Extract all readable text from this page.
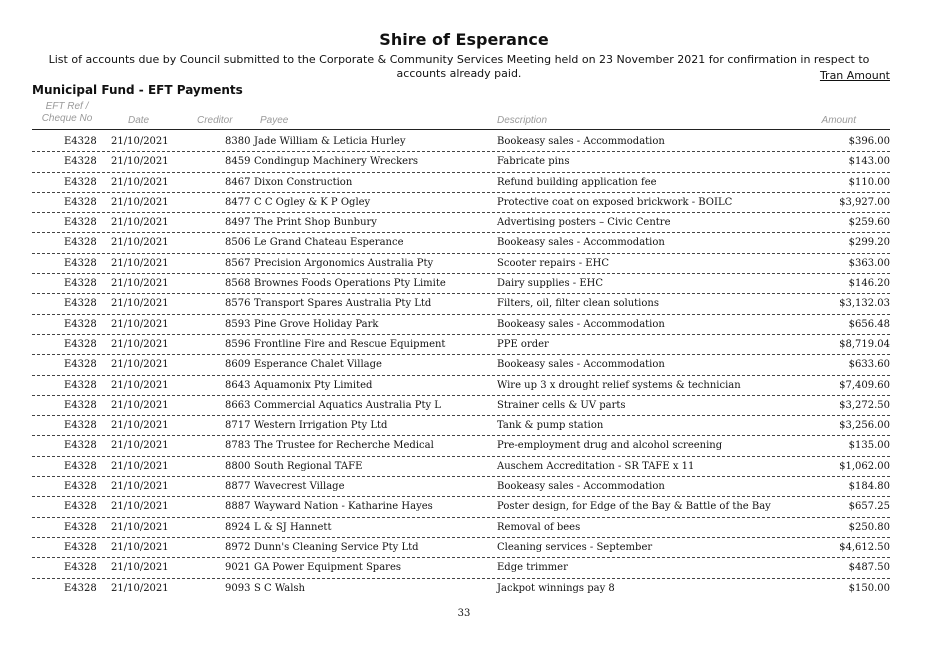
Shire of Esperance
List of accounts due by Council submitted to the Corporate & Community Services Meeting held on 23 November 2021 for confirmation in respect to accounts already paid.	Tran Amount
Municipal Fund - EFT Payments
EFT Ref / Cheque No	Date	Creditor	Payee	Description	Amount
E4328 21/10/2021	8380 Jade William & Leticia Hurley	Bookeasy sales - Accommodation	$396.00
E4328 21/10/2021	8459 Condingup Machinery Wreckers	Fabricate pins	$143.00
E4328 21/10/2021	8467 Dixon Construction	Refund building application fee	$110.00
E4328 21/10/2021	8477 C C Ogley & K P Ogley	Protective coat on exposed brickwork - BOILC	$3,927.00
E4328 21/10/2021	8497 The Print Shop Bunbury	Advertising posters – Civic Centre	$259.60
E4328 21/10/2021	8506 Le Grand Chateau Esperance	Bookeasy sales - Accommodation	$299.20
E4328 21/10/2021	8567 Precision Argonomics Australia Pty	Scooter repairs - EHC	$363.00
E4328 21/10/2021	8568 Brownes Foods Operations Pty Limite	Dairy supplies - EHC	$146.20
E4328 21/10/2021	8576 Transport Spares Australia Pty Ltd	Filters, oil, filter clean solutions	$3,132.03
E4328 21/10/2021	8593 Pine Grove Holiday Park	Bookeasy sales - Accommodation	$656.48
E4328 21/10/2021	8596 Frontline Fire and Rescue Equipment	PPE order	$8,719.04
E4328 21/10/2021	8609 Esperance Chalet Village	Bookeasy sales - Accommodation	$633.60
E4328 21/10/2021	8643 Aquamonix Pty Limited	Wire up 3 x drought relief systems & technician	$7,409.60
E4328 21/10/2021	8663 Commercial Aquatics Australia Pty L	Strainer cells & UV parts	$3,272.50
E4328 21/10/2021	8717 Western Irrigation Pty Ltd	Tank & pump station	$3,256.00
E4328 21/10/2021	8783 The Trustee for Recherche Medical	Pre-employment drug and alcohol screening	$135.00
E4328 21/10/2021	8800 South Regional TAFE	Auschem Accreditation - SR TAFE x 11	$1,062.00
E4328 21/10/2021	8877 Wavecrest Village	Bookeasy sales - Accommodation	$184.80
E4328 21/10/2021	8887 Wayward Nation - Katharine Hayes	Poster design, for Edge of the Bay & Battle of the Bay	$657.25
E4328 21/10/2021	8924 L & SJ Hannett	Removal of bees	$250.80
E4328 21/10/2021	8972 Dunn's Cleaning Service Pty Ltd	Cleaning services - September	$4,612.50
E4328 21/10/2021	9021 GA Power Equipment Spares	Edge trimmer	$487.50
E4328 21/10/2021	9093 S C Walsh	Jackpot winnings pay 8	$150.00
33
